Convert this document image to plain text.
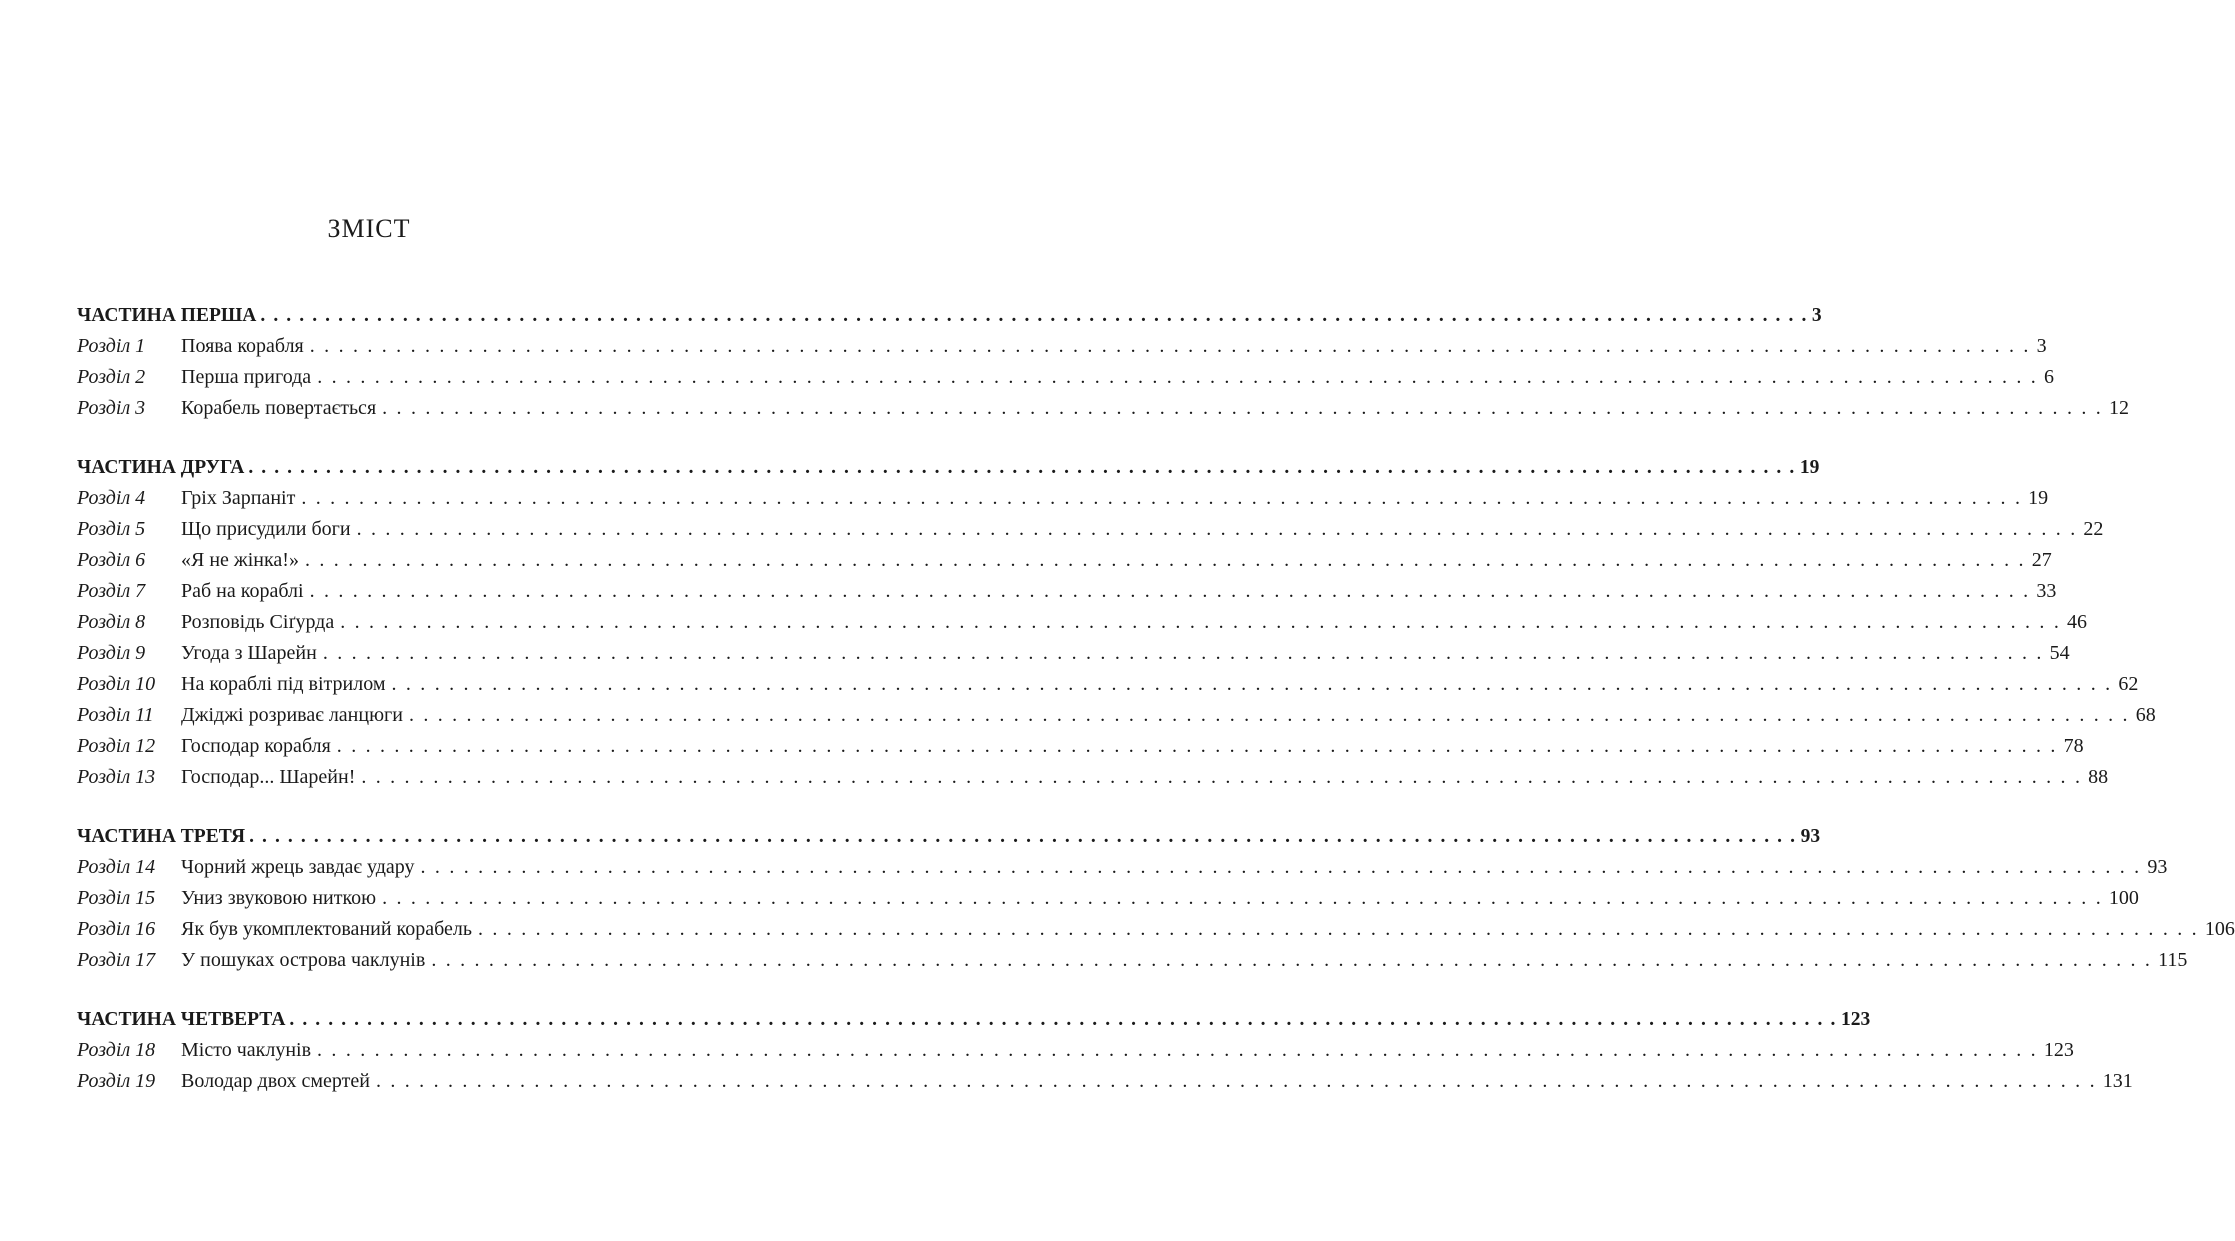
ЗМІСТ
ЧАСТИНА ПЕРША . . . . . . . . . . . . . . . . . . . . . . . . . . . . . . . . . . . . . . . . . . . . . . . . . . . . . . . . . . . . . . . . . . . . . . . . . . . . . . . . . . . . . . . . . . . . . . . . . . . . . . . . . . . . . . . . . . . . . . . . 3
Розділ 1	Поява корабля . . . . . . . . . . . . . . . . . . . . . . . . . . . . . . . . . . . . . . . . . . . . . . . . . . . . . . . . . . . . . . . . . . . . . . . . . . . . . . . . . . . . . . . . . . . . . . . . . . . . . . . . . . . . . . . . . . . . . . . . 3
Розділ 2	Перша пригода . . . . . . . . . . . . . . . . . . . . . . . . . . . . . . . . . . . . . . . . . . . . . . . . . . . . . . . . . . . . . . . . . . . . . . . . . . . . . . . . . . . . . . . . . . . . . . . . . . . . . . . . . . . . . . . . . . . . . . . . 6
Розділ 3	Корабель повертається . . . . . . . . . . . . . . . . . . . . . . . . . . . . . . . . . . . . . . . . . . . . . . . . . . . . . . . . . . . . . . . . . . . . . . . . . . . . . . . . . . . . . . . . . . . . . . . . . . . . . . . . . . . . . . . . . . . . . . . . 12
ЧАСТИНА ДРУГА . . . . . . . . . . . . . . . . . . . . . . . . . . . . . . . . . . . . . . . . . . . . . . . . . . . . . . . . . . . . . . . . . . . . . . . . . . . . . . . . . . . . . . . . . . . . . . . . . . . . . . . . . . . . . . . . . . . . . . . . 19
Розділ 4	Гріх Зарпаніт . . . . . . . . . . . . . . . . . . . . . . . . . . . . . . . . . . . . . . . . . . . . . . . . . . . . . . . . . . . . . . . . . . . . . . . . . . . . . . . . . . . . . . . . . . . . . . . . . . . . . . . . . . . . . . . . . . . . . . . . 19
Розділ 5	Що присудили боги . . . . . . . . . . . . . . . . . . . . . . . . . . . . . . . . . . . . . . . . . . . . . . . . . . . . . . . . . . . . . . . . . . . . . . . . . . . . . . . . . . . . . . . . . . . . . . . . . . . . . . . . . . . . . . . . . . . . . . . . 22
Розділ 6	«Я не жінка!» . . . . . . . . . . . . . . . . . . . . . . . . . . . . . . . . . . . . . . . . . . . . . . . . . . . . . . . . . . . . . . . . . . . . . . . . . . . . . . . . . . . . . . . . . . . . . . . . . . . . . . . . . . . . . . . . . . . . . . . . 27
Розділ 7	Раб на кораблі . . . . . . . . . . . . . . . . . . . . . . . . . . . . . . . . . . . . . . . . . . . . . . . . . . . . . . . . . . . . . . . . . . . . . . . . . . . . . . . . . . . . . . . . . . . . . . . . . . . . . . . . . . . . . . . . . . . . . . . . 33
Розділ 8	Розповідь Сіґурда . . . . . . . . . . . . . . . . . . . . . . . . . . . . . . . . . . . . . . . . . . . . . . . . . . . . . . . . . . . . . . . . . . . . . . . . . . . . . . . . . . . . . . . . . . . . . . . . . . . . . . . . . . . . . . . . . . . . . . . . 46
Розділ 9	Угода з Шарейн . . . . . . . . . . . . . . . . . . . . . . . . . . . . . . . . . . . . . . . . . . . . . . . . . . . . . . . . . . . . . . . . . . . . . . . . . . . . . . . . . . . . . . . . . . . . . . . . . . . . . . . . . . . . . . . . . . . . . . . . 54
Розділ 10	На кораблі під вітрилом . . . . . . . . . . . . . . . . . . . . . . . . . . . . . . . . . . . . . . . . . . . . . . . . . . . . . . . . . . . . . . . . . . . . . . . . . . . . . . . . . . . . . . . . . . . . . . . . . . . . . . . . . . . . . . . . . . . . . . . . 62
Розділ 11	Джіджі розриває ланцюги . . . . . . . . . . . . . . . . . . . . . . . . . . . . . . . . . . . . . . . . . . . . . . . . . . . . . . . . . . . . . . . . . . . . . . . . . . . . . . . . . . . . . . . . . . . . . . . . . . . . . . . . . . . . . . . . . . . . . . . . 68
Розділ 12	Господар корабля . . . . . . . . . . . . . . . . . . . . . . . . . . . . . . . . . . . . . . . . . . . . . . . . . . . . . . . . . . . . . . . . . . . . . . . . . . . . . . . . . . . . . . . . . . . . . . . . . . . . . . . . . . . . . . . . . . . . . . . . 78
Розділ 13	Господар... Шарейн! . . . . . . . . . . . . . . . . . . . . . . . . . . . . . . . . . . . . . . . . . . . . . . . . . . . . . . . . . . . . . . . . . . . . . . . . . . . . . . . . . . . . . . . . . . . . . . . . . . . . . . . . . . . . . . . . . . . . . . . . 88
ЧАСТИНА ТРЕТЯ . . . . . . . . . . . . . . . . . . . . . . . . . . . . . . . . . . . . . . . . . . . . . . . . . . . . . . . . . . . . . . . . . . . . . . . . . . . . . . . . . . . . . . . . . . . . . . . . . . . . . . . . . . . . . . . . . . . . . . . . 93
Розділ 14	Чорний жрець завдає удару . . . . . . . . . . . . . . . . . . . . . . . . . . . . . . . . . . . . . . . . . . . . . . . . . . . . . . . . . . . . . . . . . . . . . . . . . . . . . . . . . . . . . . . . . . . . . . . . . . . . . . . . . . . . . . . . . . . . . . . . 93
Розділ 15	Униз звуковою ниткою . . . . . . . . . . . . . . . . . . . . . . . . . . . . . . . . . . . . . . . . . . . . . . . . . . . . . . . . . . . . . . . . . . . . . . . . . . . . . . . . . . . . . . . . . . . . . . . . . . . . . . . . . . . . . . . . . . . . . . . . 100
Розділ 16	Як був укомплектований корабель . . . . . . . . . . . . . . . . . . . . . . . . . . . . . . . . . . . . . . . . . . . . . . . . . . . . . . . . . . . . . . . . . . . . . . . . . . . . . . . . . . . . . . . . . . . . . . . . . . . . . . . . . . . . . . . . . . . . . . . . 106
Розділ 17	У пошуках острова чаклунів . . . . . . . . . . . . . . . . . . . . . . . . . . . . . . . . . . . . . . . . . . . . . . . . . . . . . . . . . . . . . . . . . . . . . . . . . . . . . . . . . . . . . . . . . . . . . . . . . . . . . . . . . . . . . . . . . . . . . . . . 115
ЧАСТИНА ЧЕТВЕРТА . . . . . . . . . . . . . . . . . . . . . . . . . . . . . . . . . . . . . . . . . . . . . . . . . . . . . . . . . . . . . . . . . . . . . . . . . . . . . . . . . . . . . . . . . . . . . . . . . . . . . . . . . . . . . . . . . . . . . . . . 123
Розділ 18	Місто чаклунів . . . . . . . . . . . . . . . . . . . . . . . . . . . . . . . . . . . . . . . . . . . . . . . . . . . . . . . . . . . . . . . . . . . . . . . . . . . . . . . . . . . . . . . . . . . . . . . . . . . . . . . . . . . . . . . . . . . . . . . . 123
Розділ 19	Володар двох смертей . . . . . . . . . . . . . . . . . . . . . . . . . . . . . . . . . . . . . . . . . . . . . . . . . . . . . . . . . . . . . . . . . . . . . . . . . . . . . . . . . . . . . . . . . . . . . . . . . . . . . . . . . . . . . . . . . . . . . . . . 131
